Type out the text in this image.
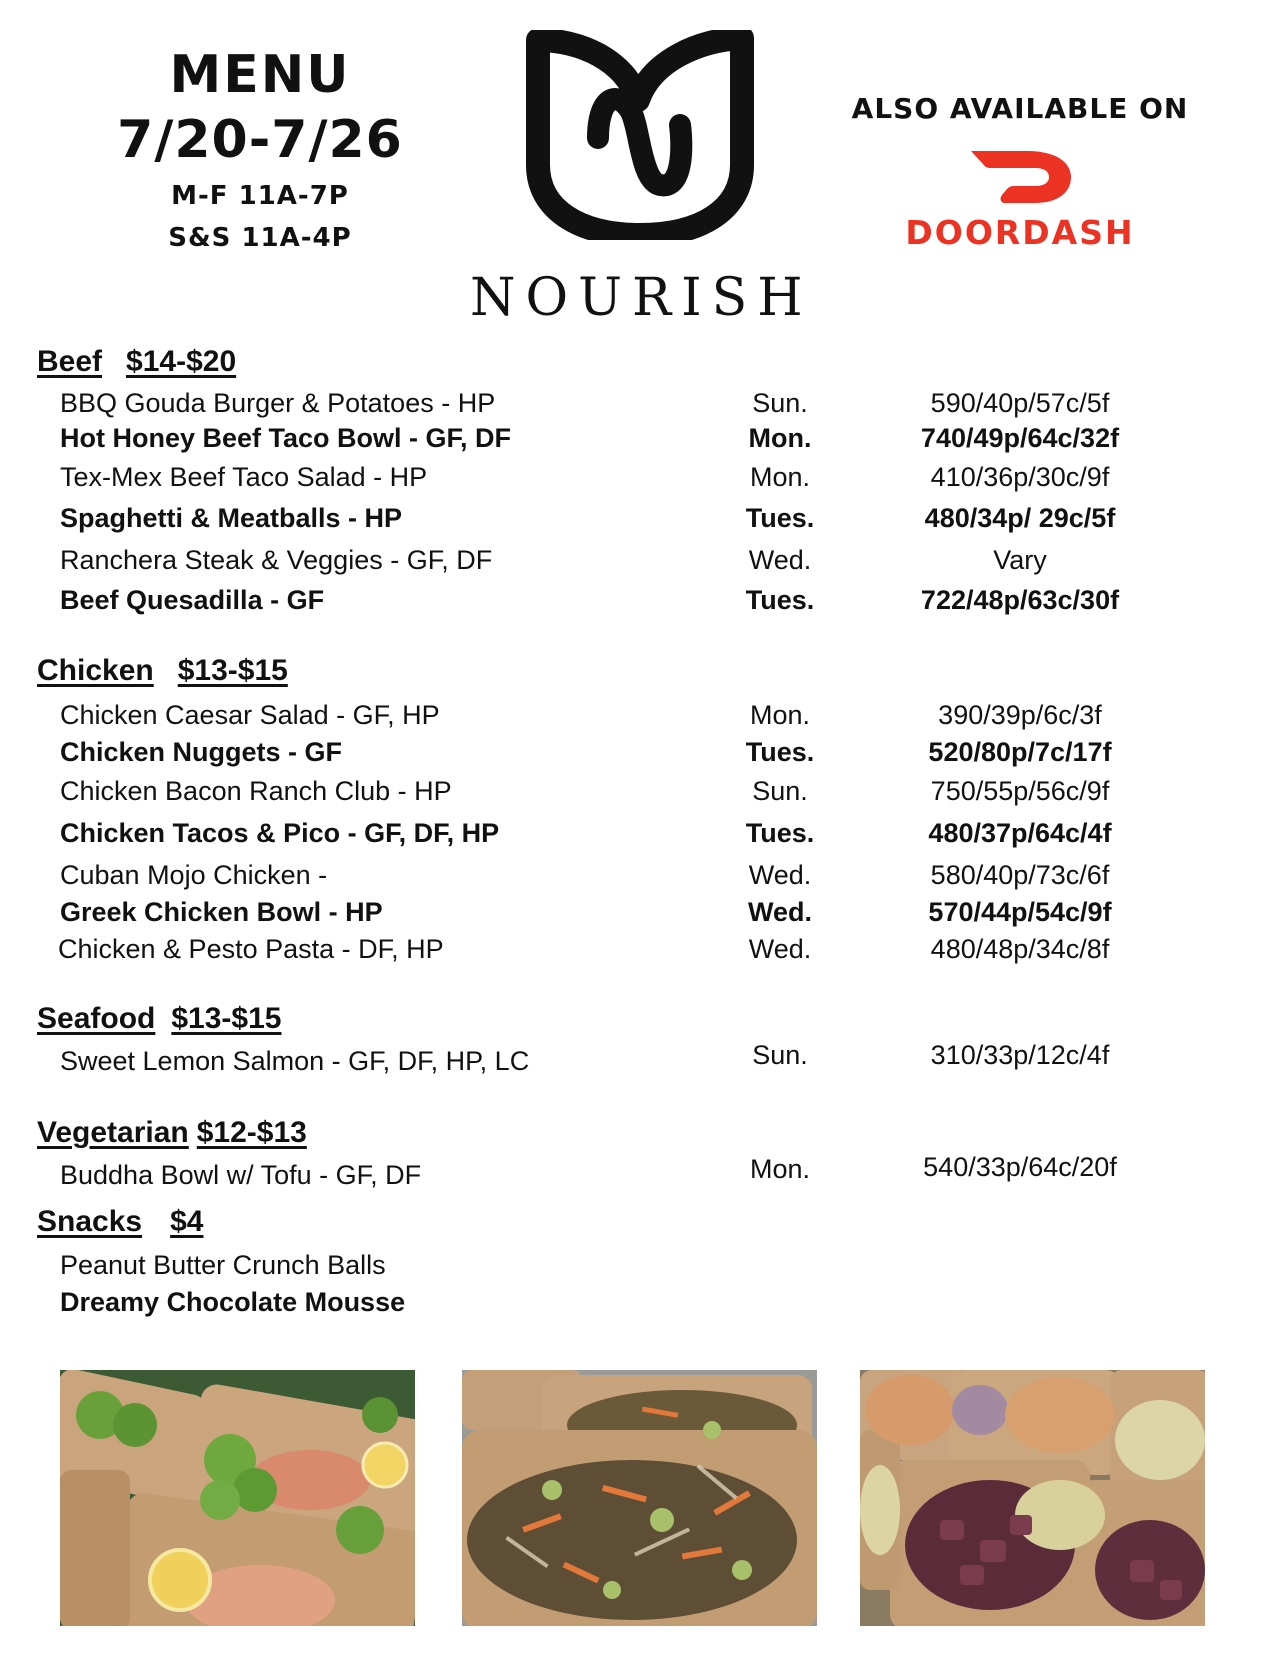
MENU
7/20-7/26
M-F 11A-7P
S&S 11A-4P
NOURISH
ALSO AVAILABLE ON
DOORDASH
Beef $14-$20
BBQ Gouda Burger & Potatoes - HP	Sun.	590/40p/57c/5f
Hot Honey Beef Taco Bowl - GF, DF	Mon.	740/49p/64c/32f
Tex-Mex Beef Taco Salad - HP	Mon.	410/36p/30c/9f
Spaghetti & Meatballs - HP	Tues.	480/34p/ 29c/5f
Ranchera Steak & Veggies - GF, DF	Wed.	Vary
Beef Quesadilla - GF	Tues.	722/48p/63c/30f
Chicken $13-$15
Chicken Caesar Salad - GF, HP	Mon.	390/39p/6c/3f
Chicken Nuggets - GF	Tues.	520/80p/7c/17f
Chicken Bacon Ranch Club - HP	Sun.	750/55p/56c/9f
Chicken Tacos & Pico - GF, DF, HP	Tues.	480/37p/64c/4f
Cuban Mojo Chicken -	Wed.	580/40p/73c/6f
Greek Chicken Bowl - HP	Wed.	570/44p/54c/9f
Chicken & Pesto Pasta - DF, HP	Wed.	480/48p/34c/8f
Seafood $13-$15
Sweet Lemon Salmon - GF, DF, HP, LC	Sun.	310/33p/12c/4f
Vegetarian $12-$13
Buddha Bowl w/ Tofu - GF, DF	Mon.	540/33p/64c/20f
Snacks $4
Peanut Butter Crunch Balls
Dreamy Chocolate Mousse
